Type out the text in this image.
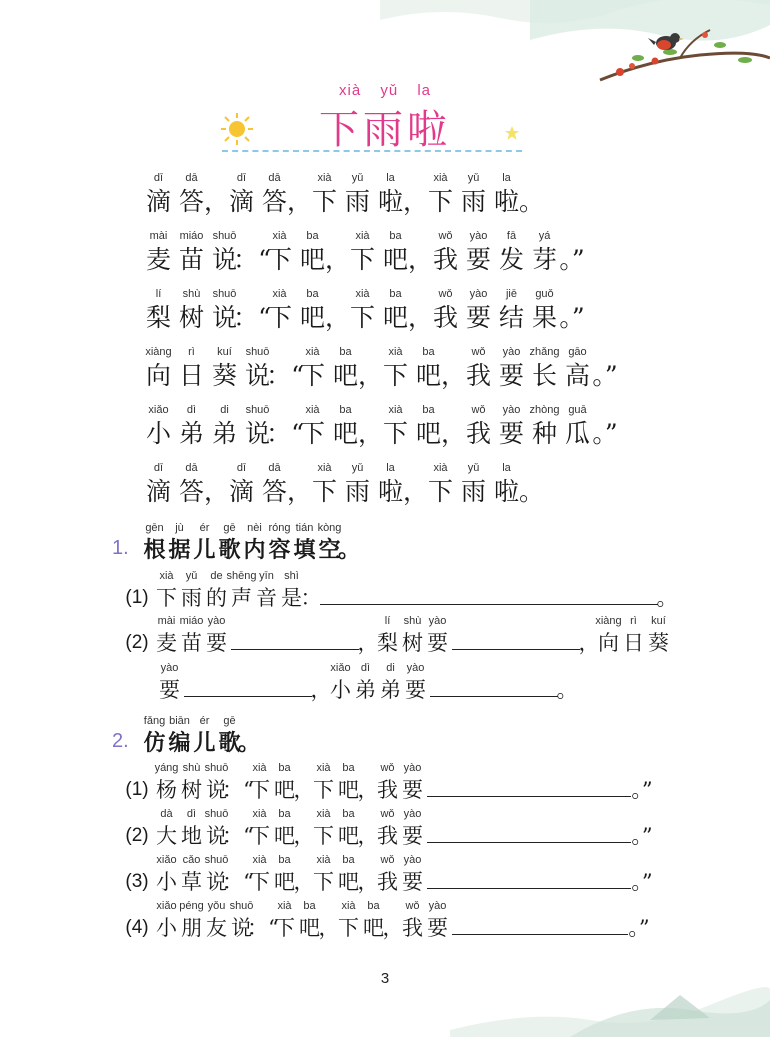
xià yǔ la
下雨啦
dī
滴
dā
答 ，
dī
滴
dā
答 ，
xià
下
yǔ
雨
la
啦 ，
xià
下
yǔ
雨
la
啦 。
mài
麦
miáo
苗
shuō
说
：“
xià
下
ba
吧 ，
xià
下
ba
吧 ，
wǒ
我
yào
要
fā
发
yá
芽 。”
lí
梨
shù
树
shuō
说
：“
xià
下
ba
吧 ，
xià
下
ba
吧 ，
wǒ
我
yào
要
jiē
结
guǒ
果 。”
xiàng
向
rì
日
kuí
葵
shuō
说
：“
xià
下
ba
吧 ，
xià
下
ba
吧 ，
wǒ
我
yào
要
zhǎng
长
gāo
高 。”
xiǎo
小
dì
弟
di
弟
shuō
说
：“
xià
下
ba
吧 ，
xià
下
ba
吧 ，
wǒ
我
yào
要
zhòng
种
guā
瓜 。”
dī
滴
dā
答 ，
dī
滴
dā
答 ，
xià
下
yǔ
雨
la
啦 ，
xià
下
yǔ
雨
la
啦 。
1.
2.
gēn
根
jù
据
ér
儿
gē
歌
nèi
内
róng
容
tián
填
kòng
空
。
(1)
xià
下
yǔ
雨
de
的
shēng
声
yīn
音
shì
是
：	。
(2)
mài
麦
miáo
苗
yào
要	，
lí
梨
shù
树
yào
要	，
xiàng
向
rì
日
kuí
葵
yào
要	，
xiǎo
小
dì
弟
di
弟
yào
要	。
fǎng
仿
biān
编
ér
儿
gē
歌
。
(1)
yáng
杨
shù
树
shuō
说
：“
xià
下
ba
吧
，
xià
下
ba
吧
，
wǒ
我
yào
要	。”
(2)
dà
大
dì
地
shuō
说
：“
xià
下
ba
吧
，
xià
下
ba
吧
，
wǒ
我
yào
要	。”
(3)
xiǎo
小
cǎo
草
shuō
说
：“
xià
下
ba
吧
，
xià
下
ba
吧
，
wǒ
我
yào
要	。”
(4)
xiǎo
小
péng
朋
yǒu
友
shuō
说
：“
xià
下
ba
吧
，
xià
下
ba
吧
，
wǒ
我
yào
要	。”
3
